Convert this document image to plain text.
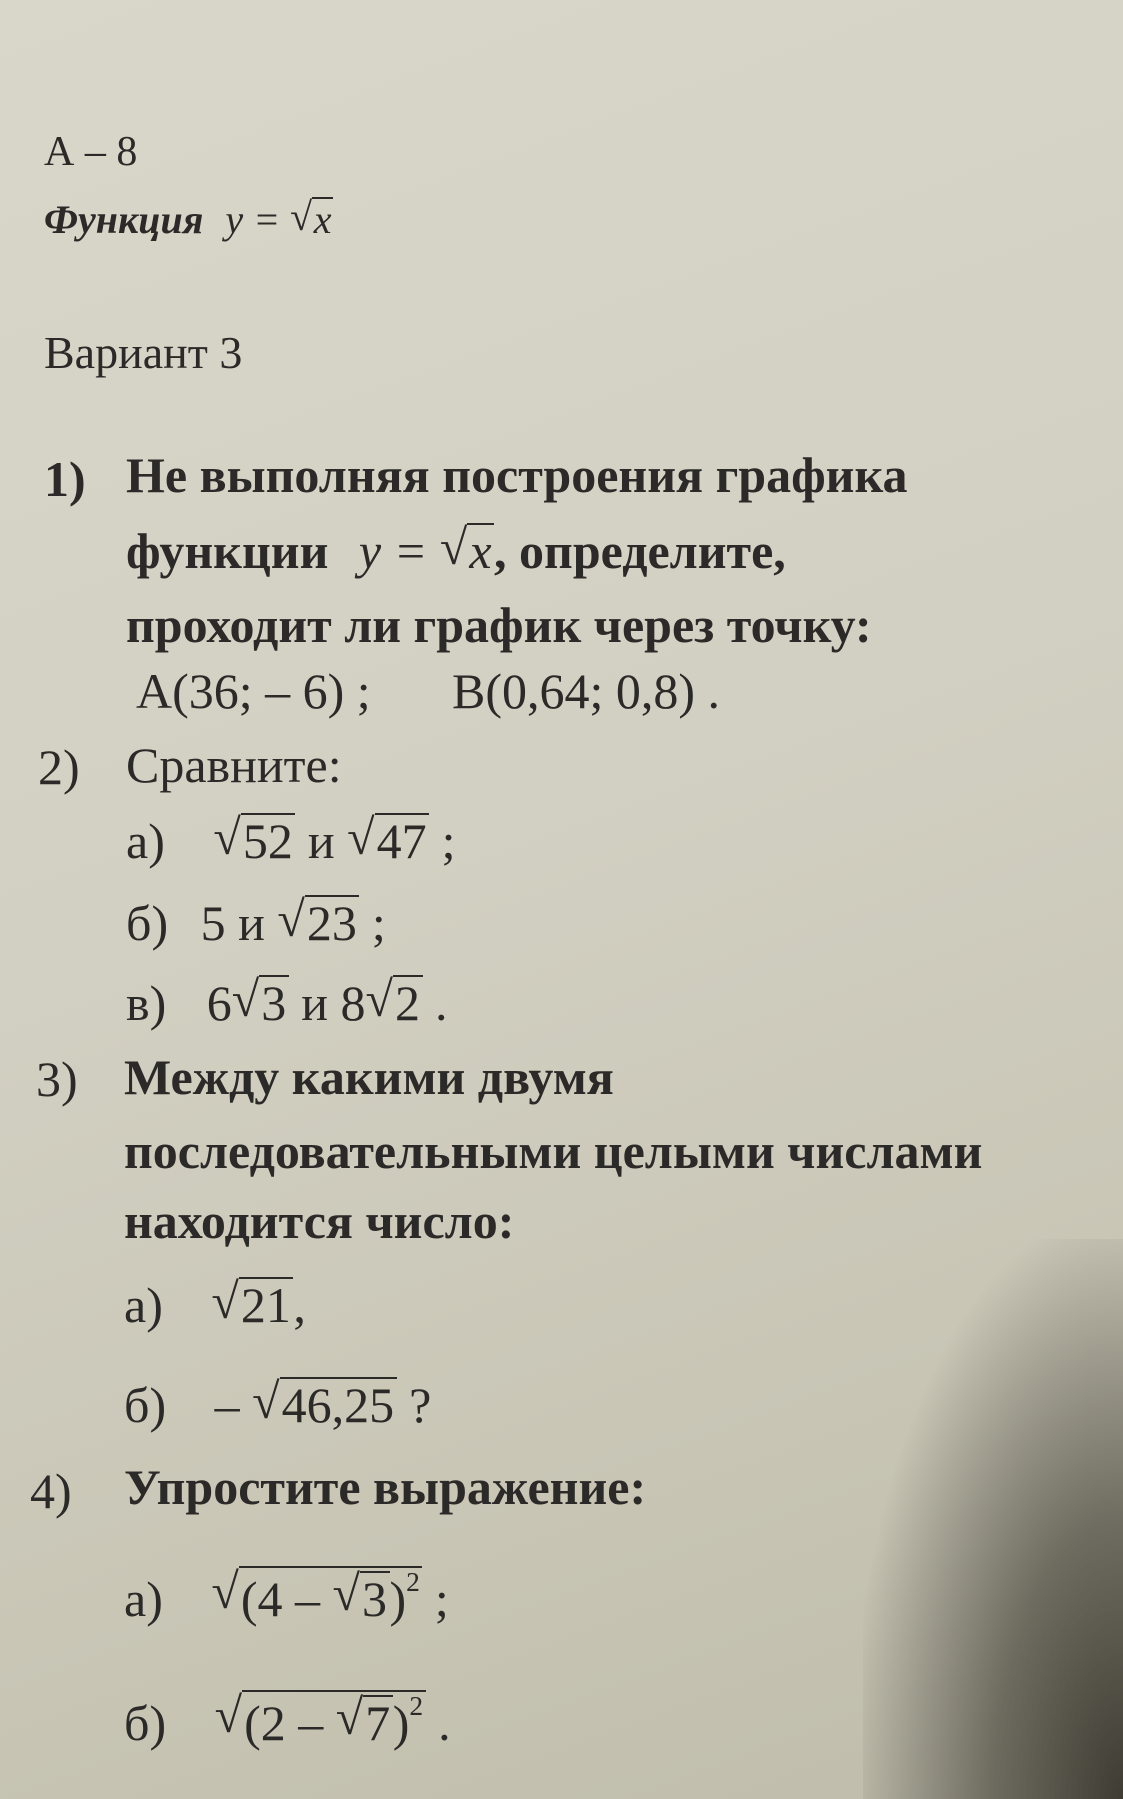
А – 8
Функция y = √ x
Вариант 3
1) Не выполняя построения графика
функции y = √ x, определите,
проходит ли график через точку:
A(36; – 6) ; B(0,64; 0,8) .
2) Сравните:
а) √ 52 и √ 47 ;
б) 5 и √ 23 ;
в) 6 √ 3 и 8 √ 2 .
3) Между какими двумя
последовательными целыми числами
находится число:
а) √ 21,
б) – √ 46,25 ?
4) Упростите выражение:
а) √ (4 – √ 3)$^2$ ;
б) √ (2 – √ 7)$^2$ .
